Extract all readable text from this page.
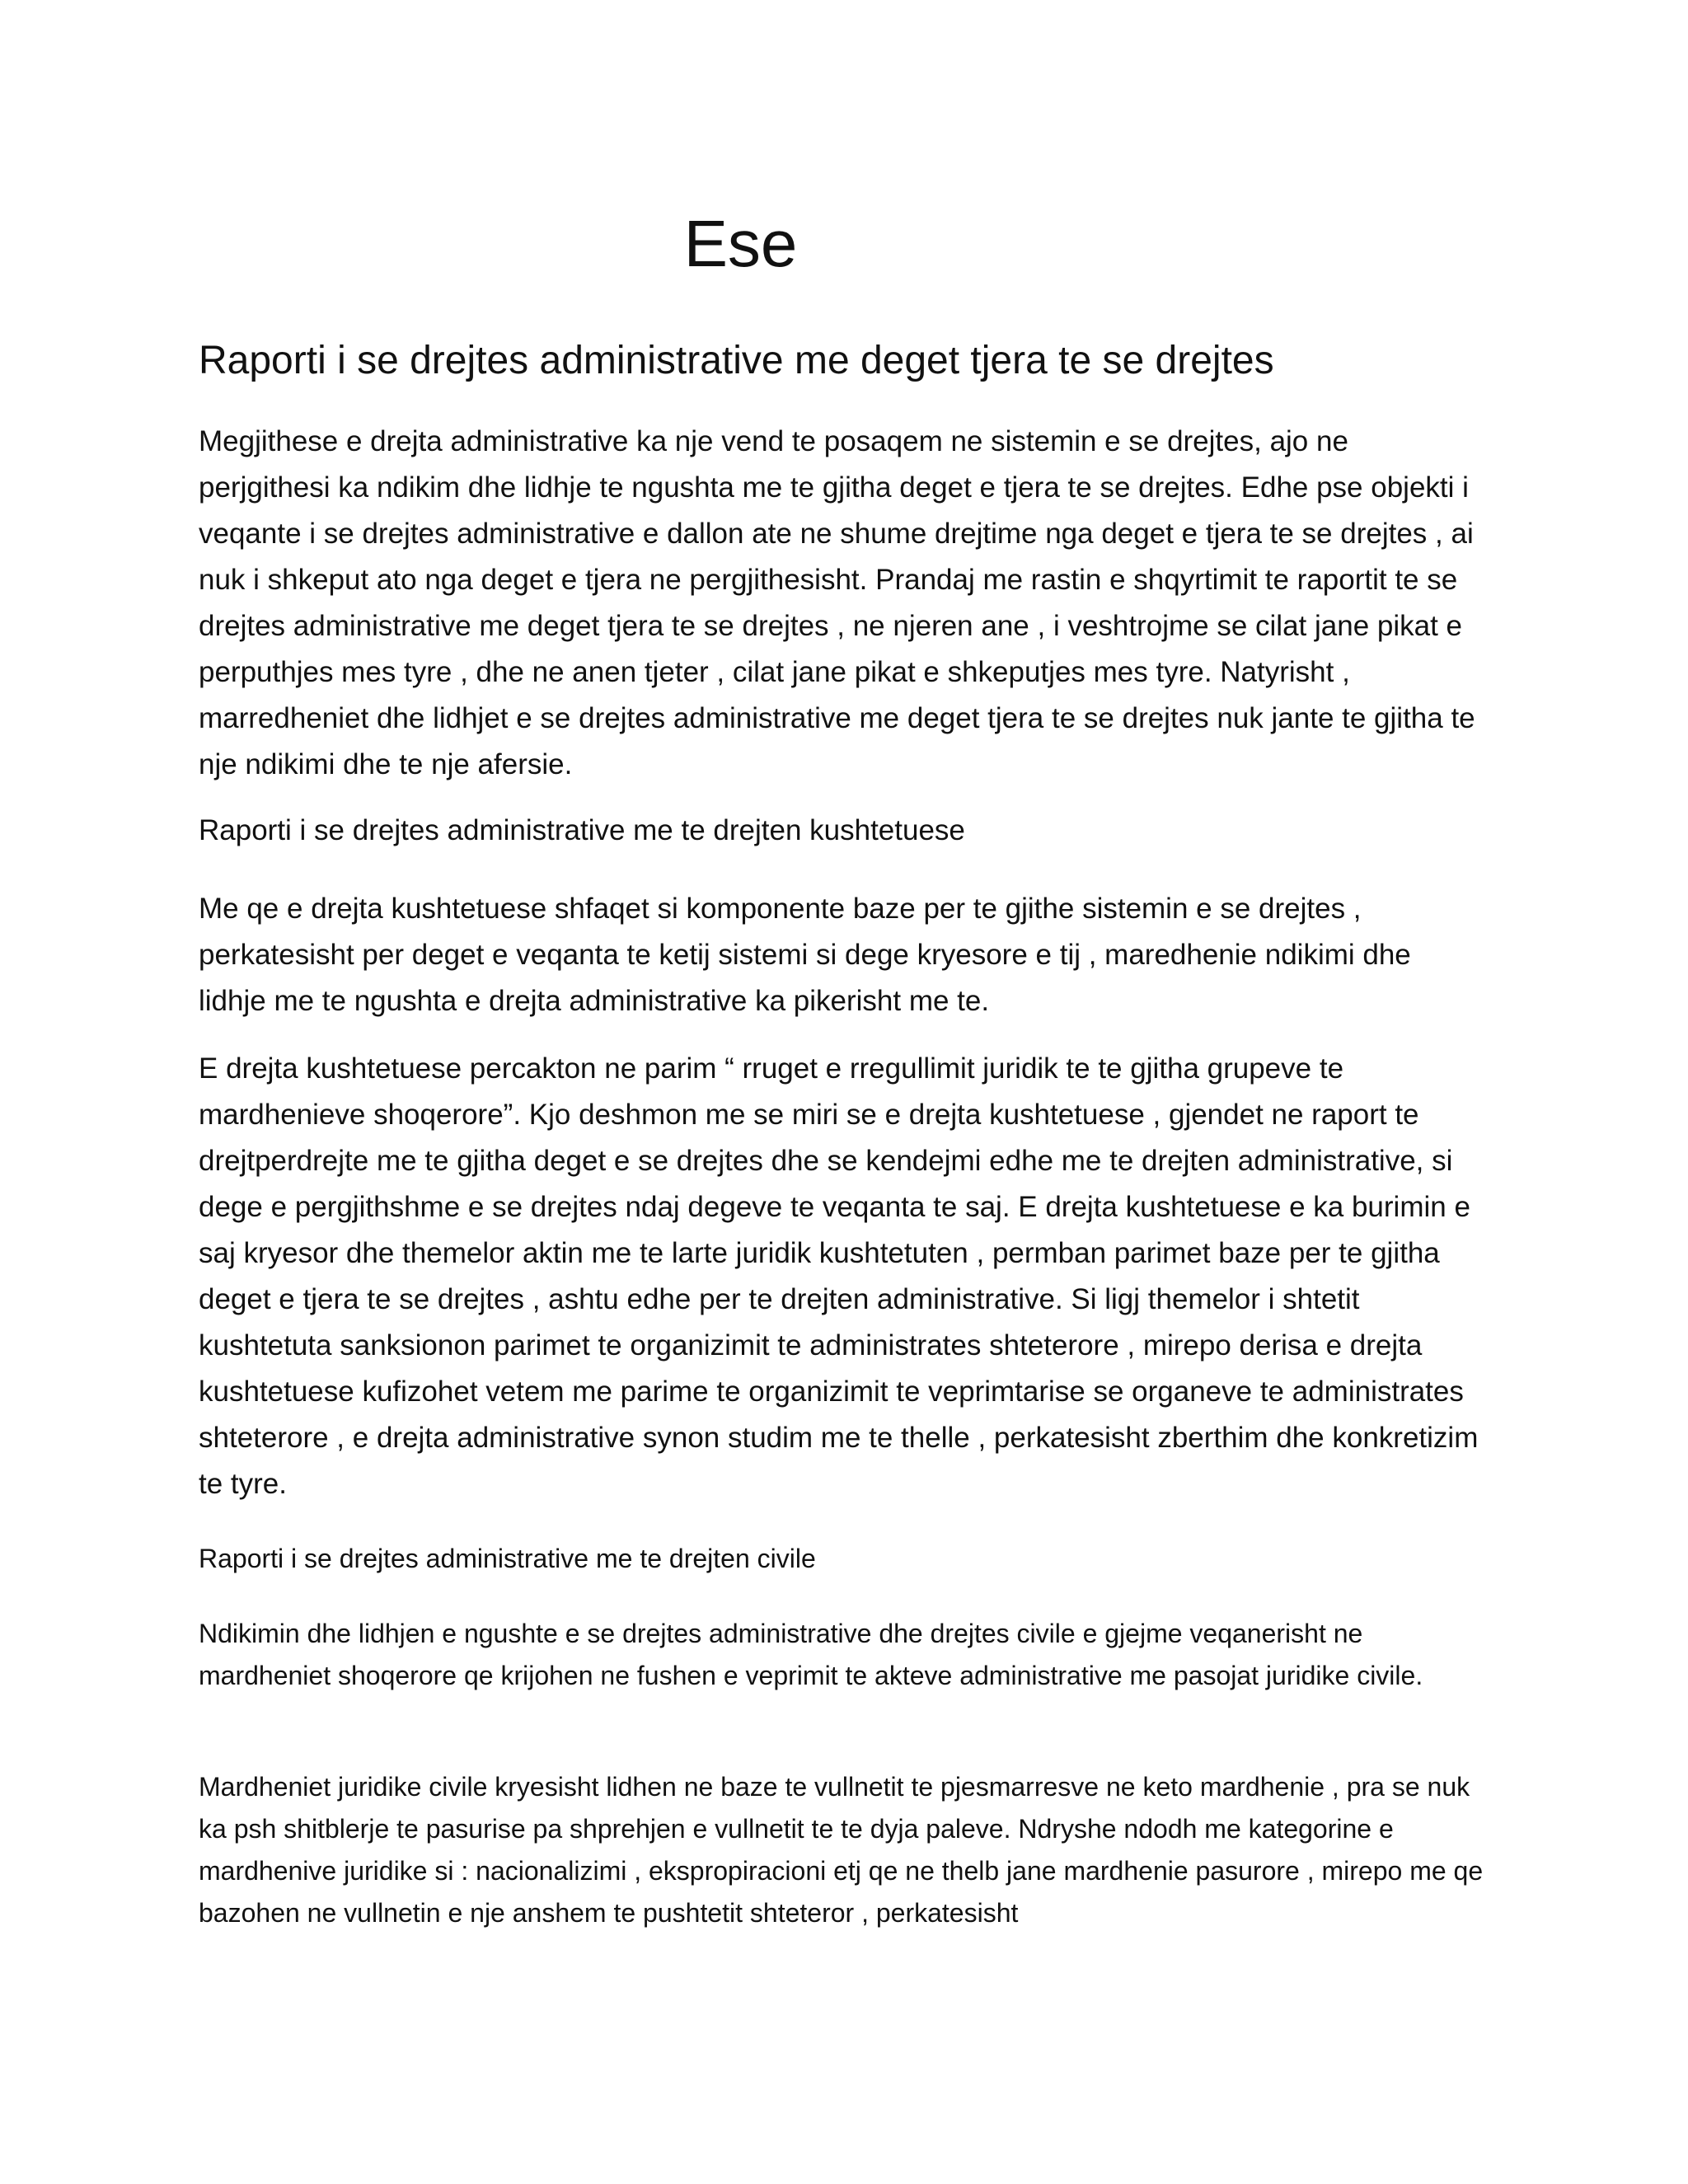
Ese
Raporti i se drejtes administrative me deget tjera te se drejtes

Megjithese e drejta administrative ka nje vend te posaqem ne sistemin e se drejtes, ajo ne perjgithesi ka ndikim dhe lidhje te ngushta me te gjitha deget e tjera te se drejtes. Edhe pse objekti i veqante i se drejtes administrative e dallon ate ne shume drejtime nga deget e tjera te se drejtes , ai nuk i shkeput ato nga deget e tjera ne pergjithesisht. Prandaj me rastin e shqyrtimit te raportit te se drejtes administrative me deget tjera te se drejtes , ne njeren ane , i veshtrojme se cilat jane pikat e perputhjes mes tyre , dhe ne anen tjeter , cilat jane pikat e shkeputjes mes tyre. Natyrisht , marredheniet dhe lidhjet e se drejtes administrative me deget tjera te se drejtes nuk jante te gjitha te nje ndikimi dhe te nje afersie.

Raporti i se drejtes administrative me te drejten kushtetuese

Me qe e drejta kushtetuese shfaqet si komponente baze per te gjithe sistemin e se drejtes , perkatesisht per deget e veqanta te ketij sistemi si dege kryesore e tij , maredhenie ndikimi dhe lidhje me te ngushta e drejta administrative ka pikerisht me te.

E drejta kushtetuese percakton ne parim “ rruget e rregullimit juridik te te gjitha grupeve te mardhenieve shoqerore”. Kjo deshmon me se miri se e drejta kushtetuese , gjendet ne raport te drejtperdrejte me te gjitha deget e se drejtes dhe se kendejmi edhe me te drejten administrative, si dege e pergjithshme e se drejtes ndaj degeve te veqanta te saj. E drejta kushtetuese e ka burimin e saj kryesor dhe themelor aktin me te larte juridik kushtetuten , permban parimet baze per te gjitha deget e tjera te se drejtes , ashtu edhe per te drejten administrative. Si ligj themelor i shtetit kushtetuta sanksionon parimet te organizimit te administrates shteterore , mirepo derisa e drejta kushtetuese kufizohet vetem me parime te organizimit te veprimtarise se organeve te administrates shteterore , e drejta administrative synon studim me te thelle , perkatesisht zberthim dhe konkretizim te tyre.

Raporti i se drejtes administrative me te drejten civile

Ndikimin dhe lidhjen e ngushte e se drejtes administrative dhe drejtes civile e gjejme veqanerisht ne mardheniet shoqerore qe krijohen ne fushen e veprimit te akteve administrative me pasojat juridike civile.

Mardheniet juridike civile kryesisht lidhen ne baze te vullnetit te pjesmarresve ne keto mardhenie , pra se nuk ka psh shitblerje te pasurise pa shprehjen e vullnetit te te dyja paleve. Ndryshe ndodh me kategorine e mardhenive juridike si : nacionalizimi , ekspropiracioni etj qe ne thelb jane mardhenie pasurore , mirepo me qe bazohen ne vullnetin e nje anshem te pushtetit shteteror , perkatesisht
